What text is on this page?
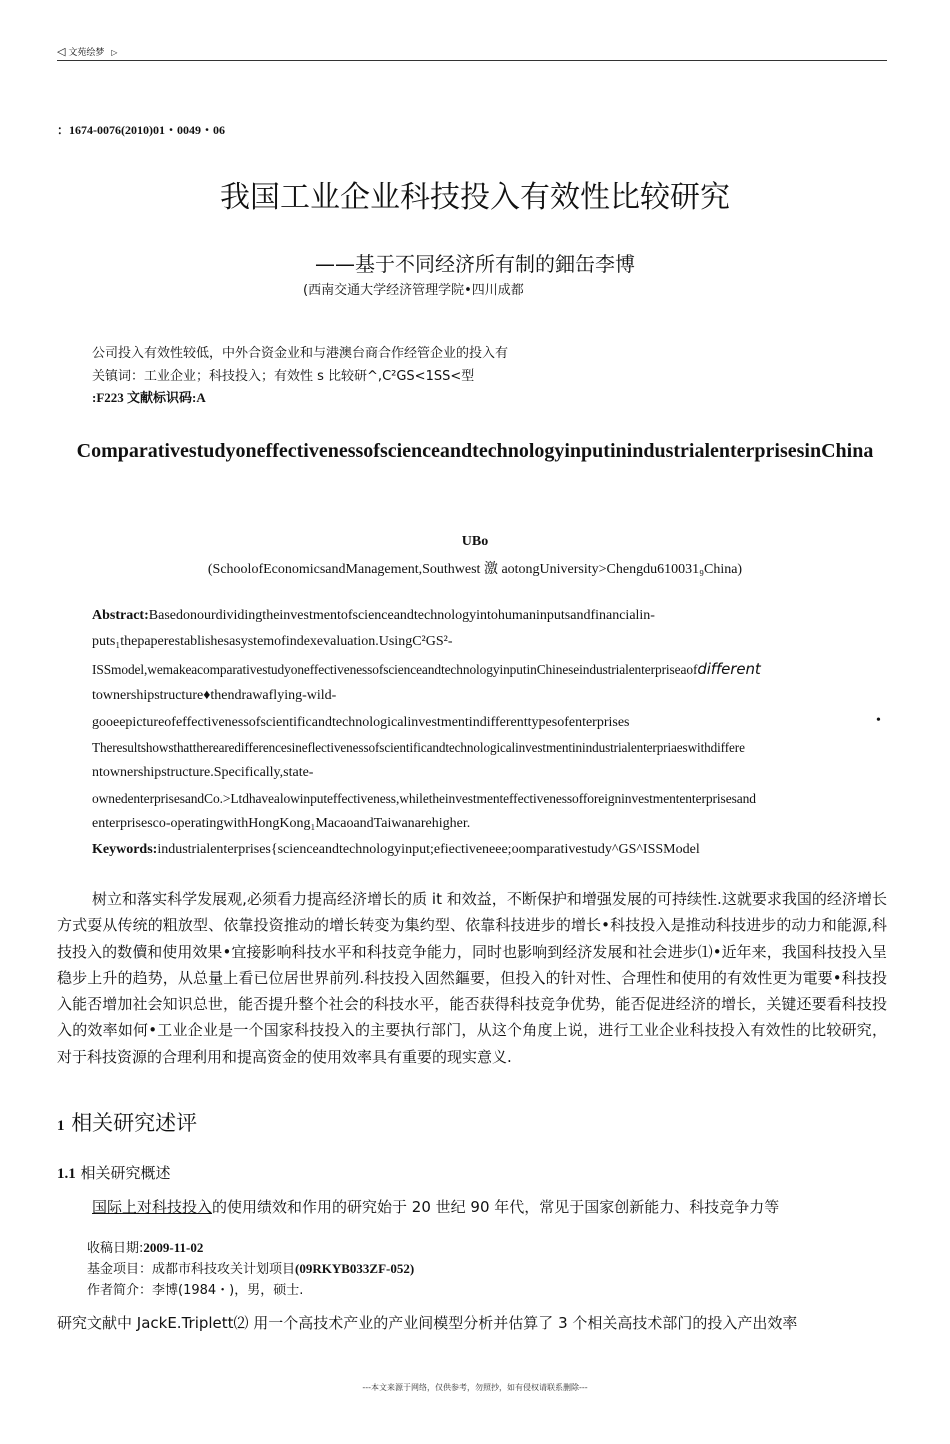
◁ 文苑绘梦 ▷
：1674-0076(2010)01・0049・06
我国工业企业科技投入有效性比较研究
——基于不同经济所有制的鈿缶李博
(西南交通大学经济管理学院•四川成都
公司投入有效性较低，中外合资金业和与港澳台商合作经管企业的投入有
关镇词：工业企业；科技投入；有效性 s 比较研^,C²GS<1SS<型
:F223 文献标识码:A
ComparativestudyoneffectivenessofscienceandtechnologyinputinindustrialenterprisesinChina
UBo
(SchoolofEconomicsandManagement,Southwest 激 aotongUniversity>Chengdu610031₉China)
Abstract:Basedonourdividingtheinvestmentofscienceandtechnologyintohumaninputsandfinancialin-
puts₁thepaperestablishesasystemofindexevaluation.UsingC²GS²-
ISSmodel,wemakeacomparativestudyoneffectivenessofscienceandtechnologyinputinChineseindustrialenterpriseaofdifferent
townershipstructure♦thendrawaflying-wild-
gooeepictureofeffectivenessofscientificandtechnologicalinvestmentindifferenttypesofenterprises	•
Theresultshowsthattherearedifferencesineflectivenessofscientificandtechnologicalinvestmentinindustrialenterpriaeswithdiffere
ntownershipstructure.Specifically,state-
ownedenterprisesandCo.>Ltdhavealowinputeffectiveness,whiletheinvestmenteffectivenessofforeigninvestmententerprisesand
enterprisesco-operatingwithHongKong₁MacaoandTaiwanarehigher.
Keywords:industrialenterprises{scienceandtechnologyinput;efiectiveneee;oomparativestudy^GS^ISSModel
树立和落实科学发展观,必须看力提高经济增长的质 it 和效益，不断保护和增强发展的可持续性.这就要求我国的经济增长方式耍从传统的粗放型、依靠投资推动的增长转变为集约型、依靠科技进步的增长•科技投入是推动科技进步的动力和能源,科技投入的数儥和使用效果•宜接影响科技水平和科技竞争能力，同时也影响到经济发展和社会进步⑴•近年来，我国科技投入呈稳步上升的趋势，从总量上看已位居世界前列.科技投入固然鏂要，但投入的针对性、合理性和使用的有效性更为電要•科技投入能否增加社会知识总世，能否提升整个社会的科技水平，能否获得科技竞争优势，能否促进经济的增长，关键还要看科技投入的效率如何•工业企业是一个国家科技投入的主要执行部门，从这个角度上说，进行工业企业科技投入有效性的比较研究，对于科技资源的合理利用和提高资金的使用效率具有重要的现实意义.
1 相关研究述评
1.1 相关研究概述
国际上对科技投入的使用绩效和作用的研究始于 20 世纪 90 年代，常见于国家创新能力、科技竞争力等
收稿日期:2009-11-02
基金项目：成都市科技攻关计划项目(09RKYB033ZF-052)
作者简介：李博(1984・)，男，硕士.
研究文献中 JackE.Triplett⑵ 用一个高技术产业的产业间模型分析并估算了 3 个相关高技术部门的投入产出效率
---本文来源于网络，仅供参考，勿照抄，如有侵权请联系删除---
